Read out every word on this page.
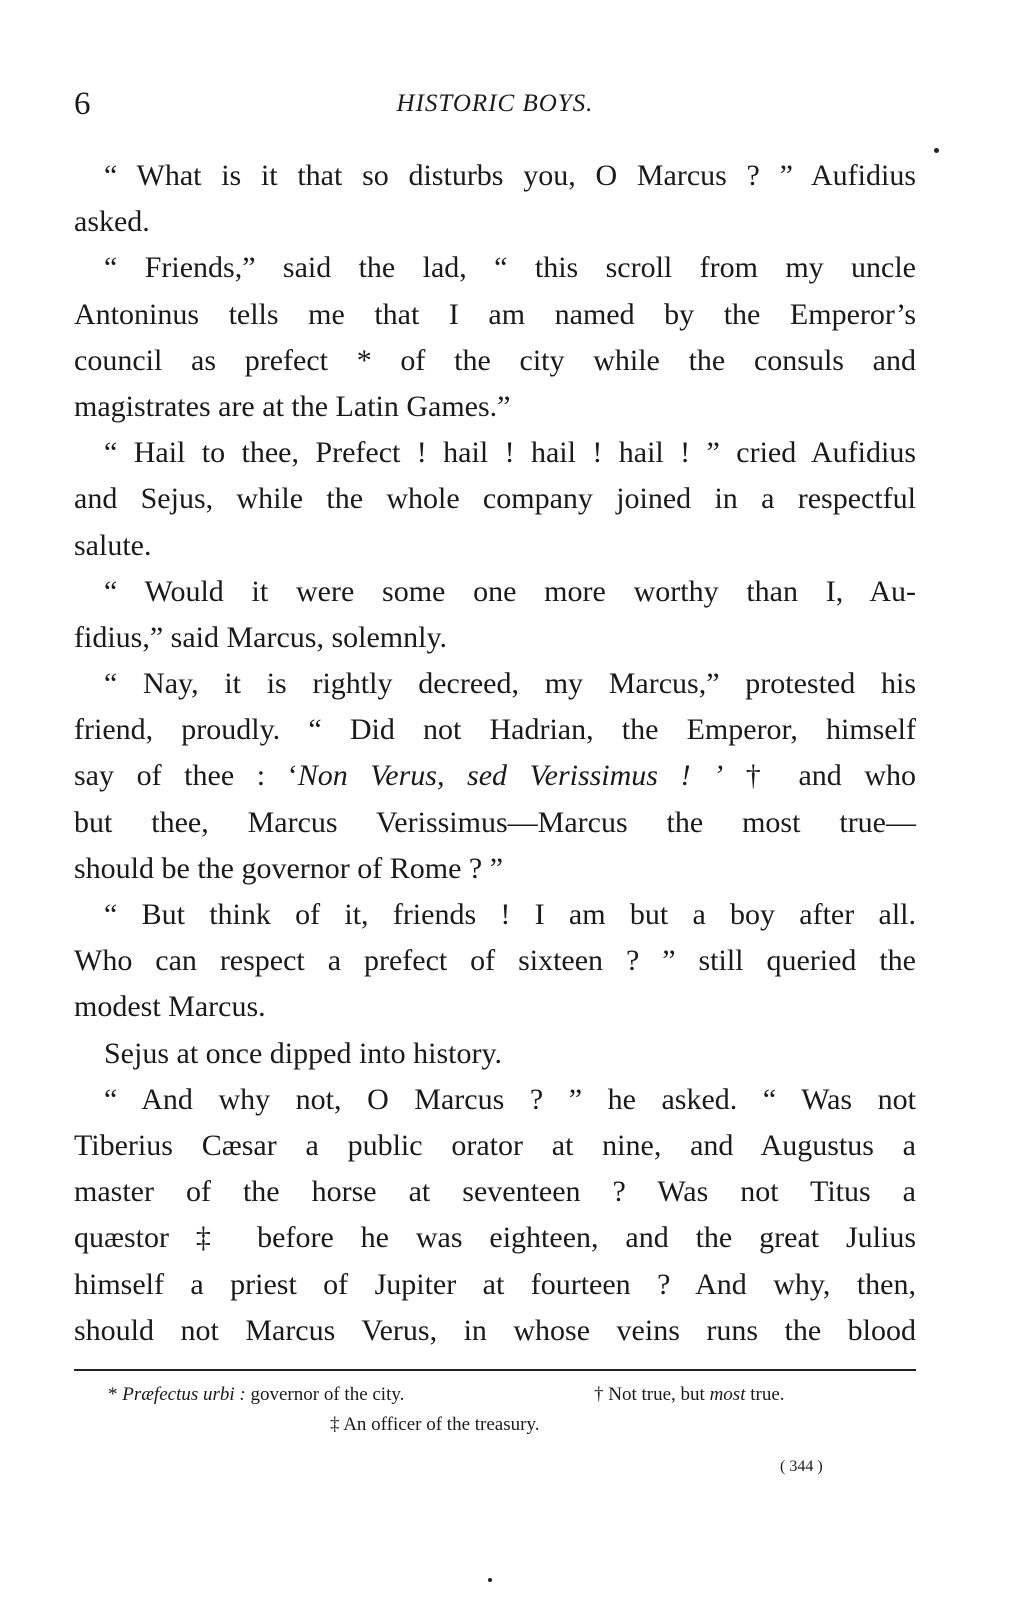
6	HISTORIC BOYS.
“ What is it that so disturbs you, O Marcus ? ” Aufidius
asked.
“ Friends,” said the lad, “ this scroll from my uncle
Antoninus tells me that I am named by the Emperor’s
council as prefect * of the city while the consuls and
magistrates are at the Latin Games.”
“ Hail to thee, Prefect ! hail ! hail ! hail ! ” cried Aufidius
and Sejus, while the whole company joined in a respectful
salute.
“ Would it were some one more worthy than I, Au-
fidius,” said Marcus, solemnly.
“ Nay, it is rightly decreed, my Marcus,” protested his
friend, proudly. “ Did not Hadrian, the Emperor, himself
say of thee : ‘Non Verus, sed Verissimus ! ’ † and who
but thee, Marcus Verissimus—Marcus the most true—
should be the governor of Rome ? ”
“ But think of it, friends ! I am but a boy after all.
Who can respect a prefect of sixteen ? ” still queried the
modest Marcus.
Sejus at once dipped into history.
“ And why not, O Marcus ? ” he asked. “ Was not
Tiberius Cæsar a public orator at nine, and Augustus a
master of the horse at seventeen ? Was not Titus a
quæstor ‡ before he was eighteen, and the great Julius
himself a priest of Jupiter at fourteen ? And why, then,
should not Marcus Verus, in whose veins runs the blood
* Præfectus urbi : governor of the city.	† Not true, but most true.
‡ An officer of the treasury.
( 344 )
